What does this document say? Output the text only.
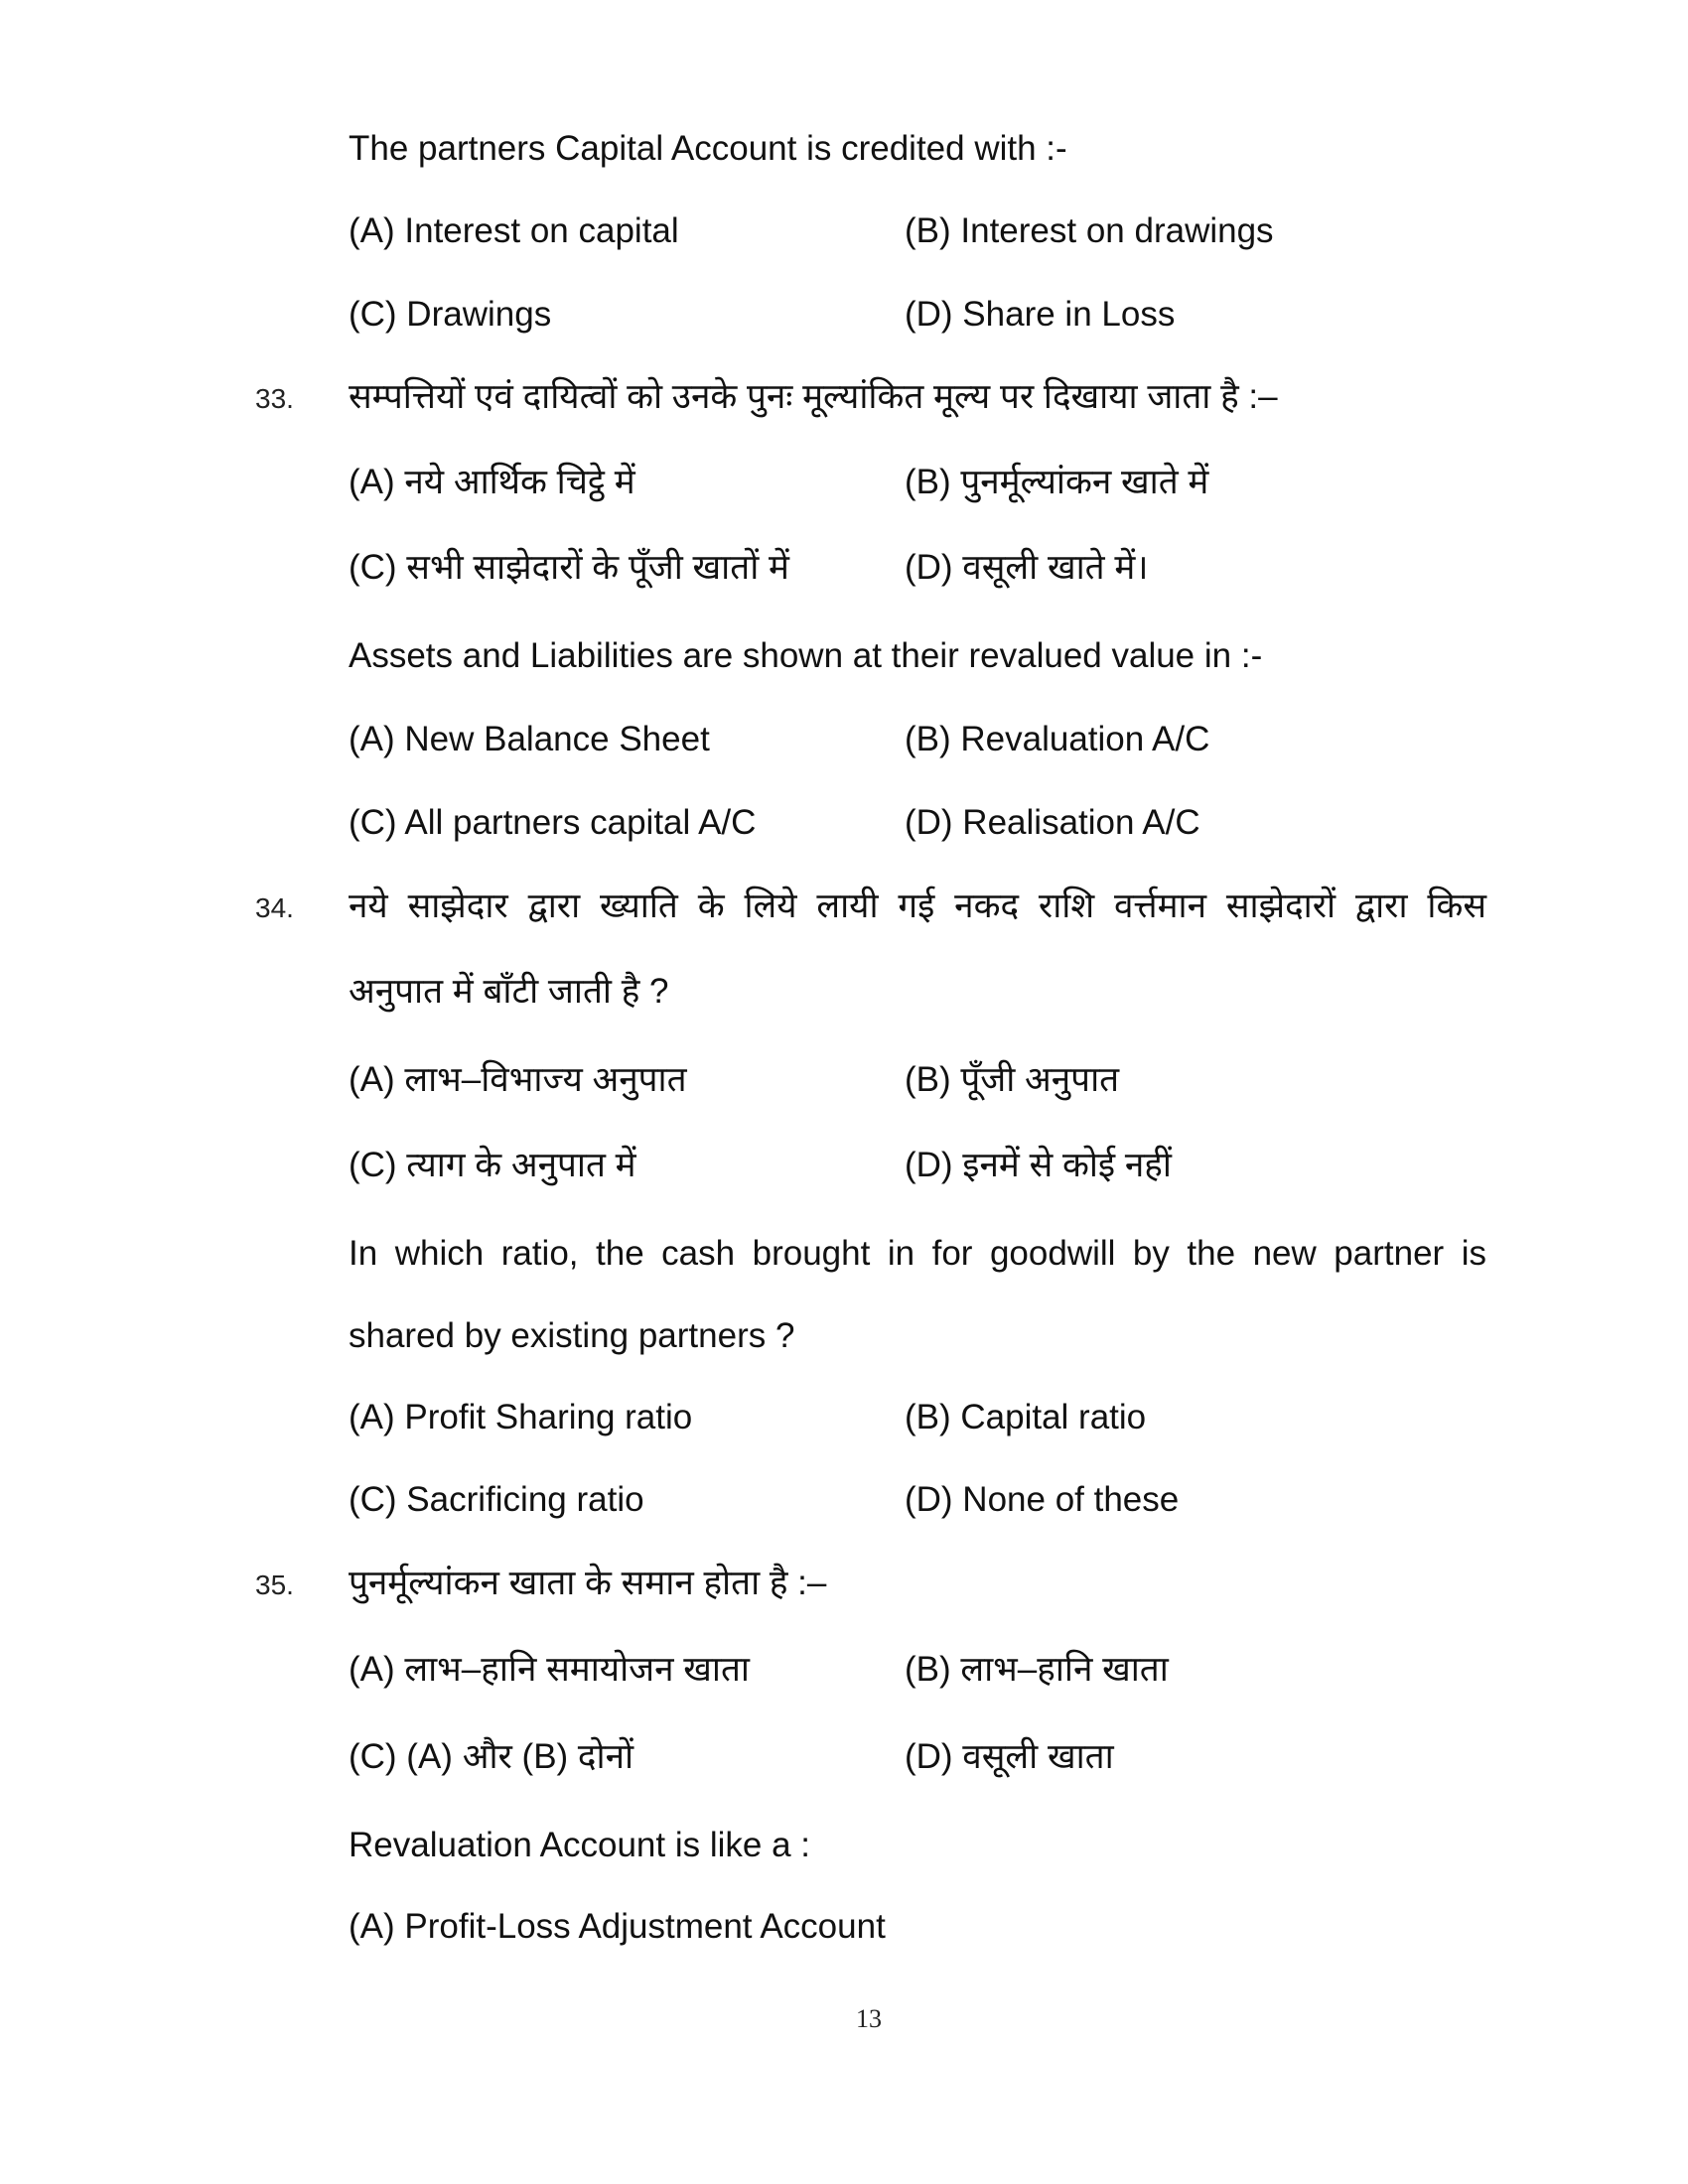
The partners Capital Account is credited with :-
(A) Interest on capital	(B) Interest on drawings
(C) Drawings	(D) Share in Loss
33. सम्पत्तियों एवं दायित्वों को उनके पुनः मूल्यांकित मूल्य पर दिखाया जाता है :–
(A) नये आर्थिक चिट्ठे में	(B) पुनर्मूल्यांकन खाते में
(C) सभी साझेदारों के पूँजी खातों में	(D) वसूली खाते में।
Assets and Liabilities are shown at their revalued value in :-
(A) New Balance Sheet	(B) Revaluation A/C
(C) All partners capital A/C	(D) Realisation A/C
34. नये साझेदार द्वारा ख्याति के लिये लायी गई नकद राशि वर्त्तमान साझेदारों द्वारा किस
अनुपात में बाँटी जाती है ?
(A) लाभ–विभाज्य अनुपात	(B) पूँजी अनुपात
(C) त्याग के अनुपात में	(D) इनमें से कोई नहीं
In which ratio, the cash brought in for goodwill by the new partner is
shared by existing partners ?
(A) Profit Sharing ratio	(B) Capital ratio
(C) Sacrificing ratio	(D) None of these
35. पुनर्मूल्यांकन खाता के समान होता है :–
(A) लाभ–हानि समायोजन खाता	(B) लाभ–हानि खाता
(C) (A) और (B) दोनों	(D) वसूली खाता
Revaluation Account is like a :
(A) Profit-Loss Adjustment Account
13
